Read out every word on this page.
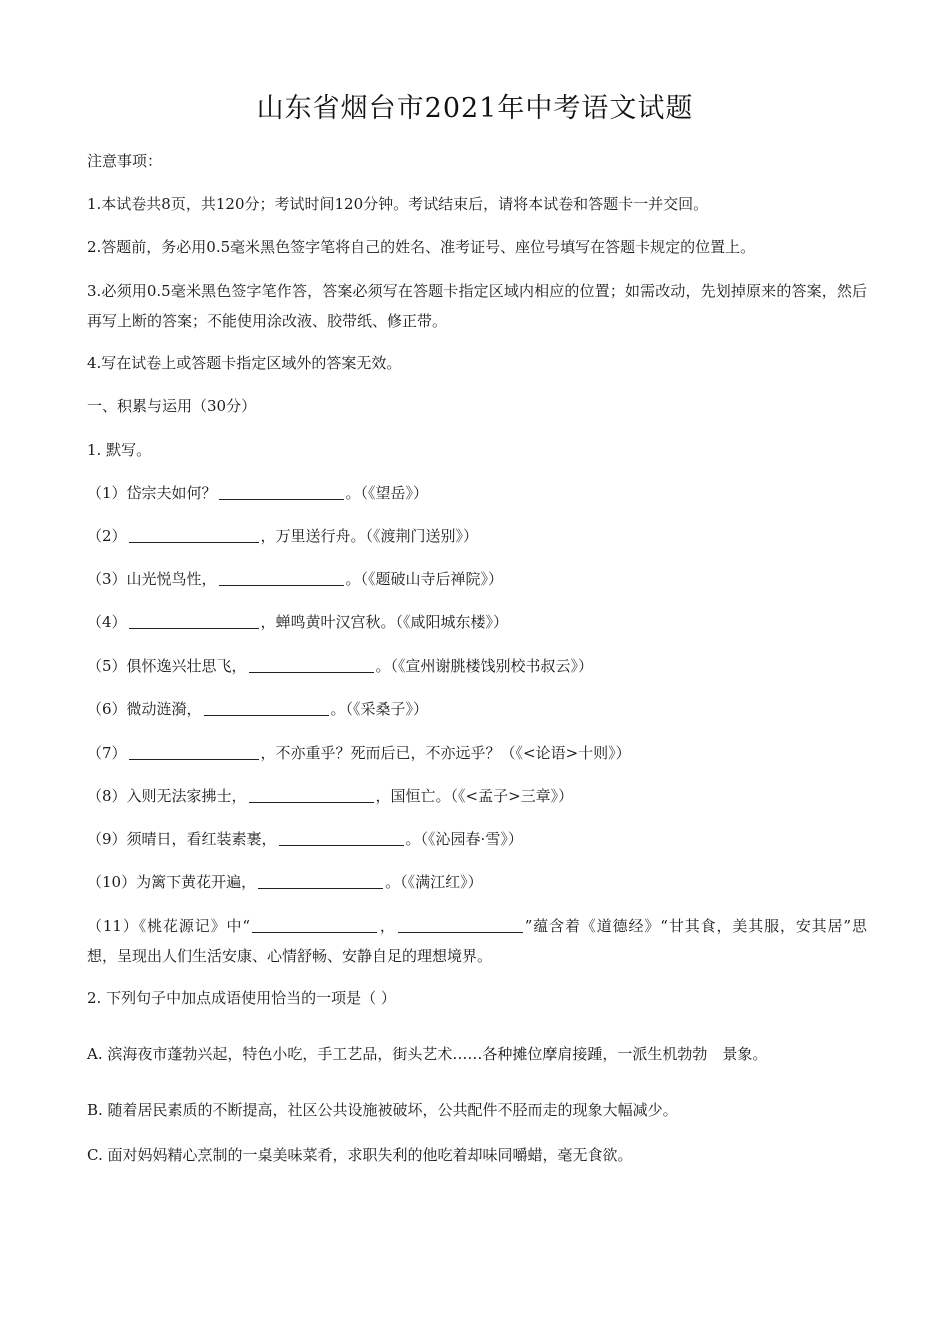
山东省烟台市2021年中考语文试题
注意事项：
1.本试卷共8页，共120分；考试时间120分钟。考试结束后，请将本试卷和答题卡一并交回。
2.答题前，务必用0.5毫米黑色签字笔将自己的姓名、准考证号、座位号填写在答题卡规定的位置上。
3.必须用0.5毫米黑色签字笔作答，答案必须写在答题卡指定区域内相应的位置；如需改动，先划掉原来的答案，然后再写上断的答案；不能使用涂改液、胶带纸、修正带。
4.写在试卷上或答题卡指定区域外的答案无效。
一、积累与运用（30分）
1. 默写。
（1）岱宗夫如何？	。（《望岳》）
（2）	，万里送行舟。（《渡荆门送别》）
（3）山光悦鸟性，	。（《题破山寺后禅院》）
（4）	，蝉鸣黄叶汉宫秋。（《咸阳城东楼》）
（5）俱怀逸兴壮思飞，	。（《宣州谢朓楼饯别校书叔云》）
（6）微动涟漪，	。（《采桑子》）
（7）	，不亦重乎？死而后已，不亦远乎？（《<论语>十则》）
（8）入则无法家拂士，	，国恒亡。（《<孟子>三章》）
（9）须晴日，看红装素裹，	。（《沁园春·雪》）
（10）为篱下黄花开遍，	。（《满江红》）
（11）《桃花源记》中“	，	”蕴含着《道德经》“甘其食，美其服，安其居”思想，呈现出人们生活安康、心情舒畅、安静自足的理想境界。
2. 下列句子中加点成语使用恰当的一项是（ ）
A. 滨海夜市蓬勃兴起，特色小吃，手工艺品，街头艺术……各种摊位摩肩接踵，一派生机勃勃　景象。
B. 随着居民素质的不断提高，社区公共设施被破坏，公共配件不胫而走的现象大幅减少。
C. 面对妈妈精心烹制的一桌美味菜肴，求职失利的他吃着却味同嚼蜡，毫无食欲。
